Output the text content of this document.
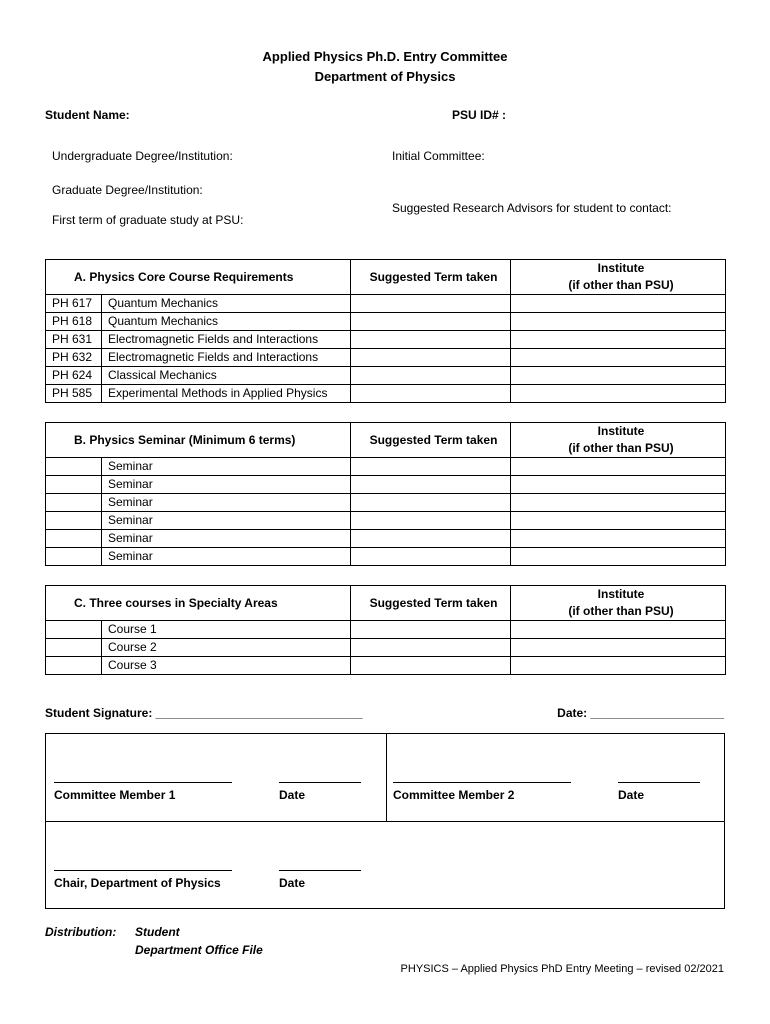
Applied Physics Ph.D. Entry Committee
Department of Physics
Student Name:	PSU ID# :
Undergraduate Degree/Institution:	Initial Committee:
Graduate Degree/Institution:
Suggested Research Advisors for student to contact:
First term of graduate study at PSU:
A. Physics Core Course Requirements		Suggested Term taken	Institute
(if other than PSU)
PH 617	Quantum Mechanics		
PH 618	Quantum Mechanics		
PH 631	Electromagnetic Fields and Interactions		
PH 632	Electromagnetic Fields and Interactions		
PH 624	Classical Mechanics		
PH 585	Experimental Methods in Applied Physics		
B. Physics Seminar (Minimum 6 terms)		Suggested Term taken	Institute
(if other than PSU)
	Seminar		
	Seminar		
	Seminar		
	Seminar		
	Seminar		
	Seminar		
C. Three courses in Specialty Areas		Suggested Term taken	Institute
(if other than PSU)
	Course 1		
	Course 2		
	Course 3		
Student Signature: _______________________________	Date: ____________________
Committee Member 1	Date	Committee Member 2	Date
Chair, Department of Physics	Date
Distribution: Student
Department Office File
PHYSICS – Applied Physics PhD Entry Meeting – revised 02/2021
